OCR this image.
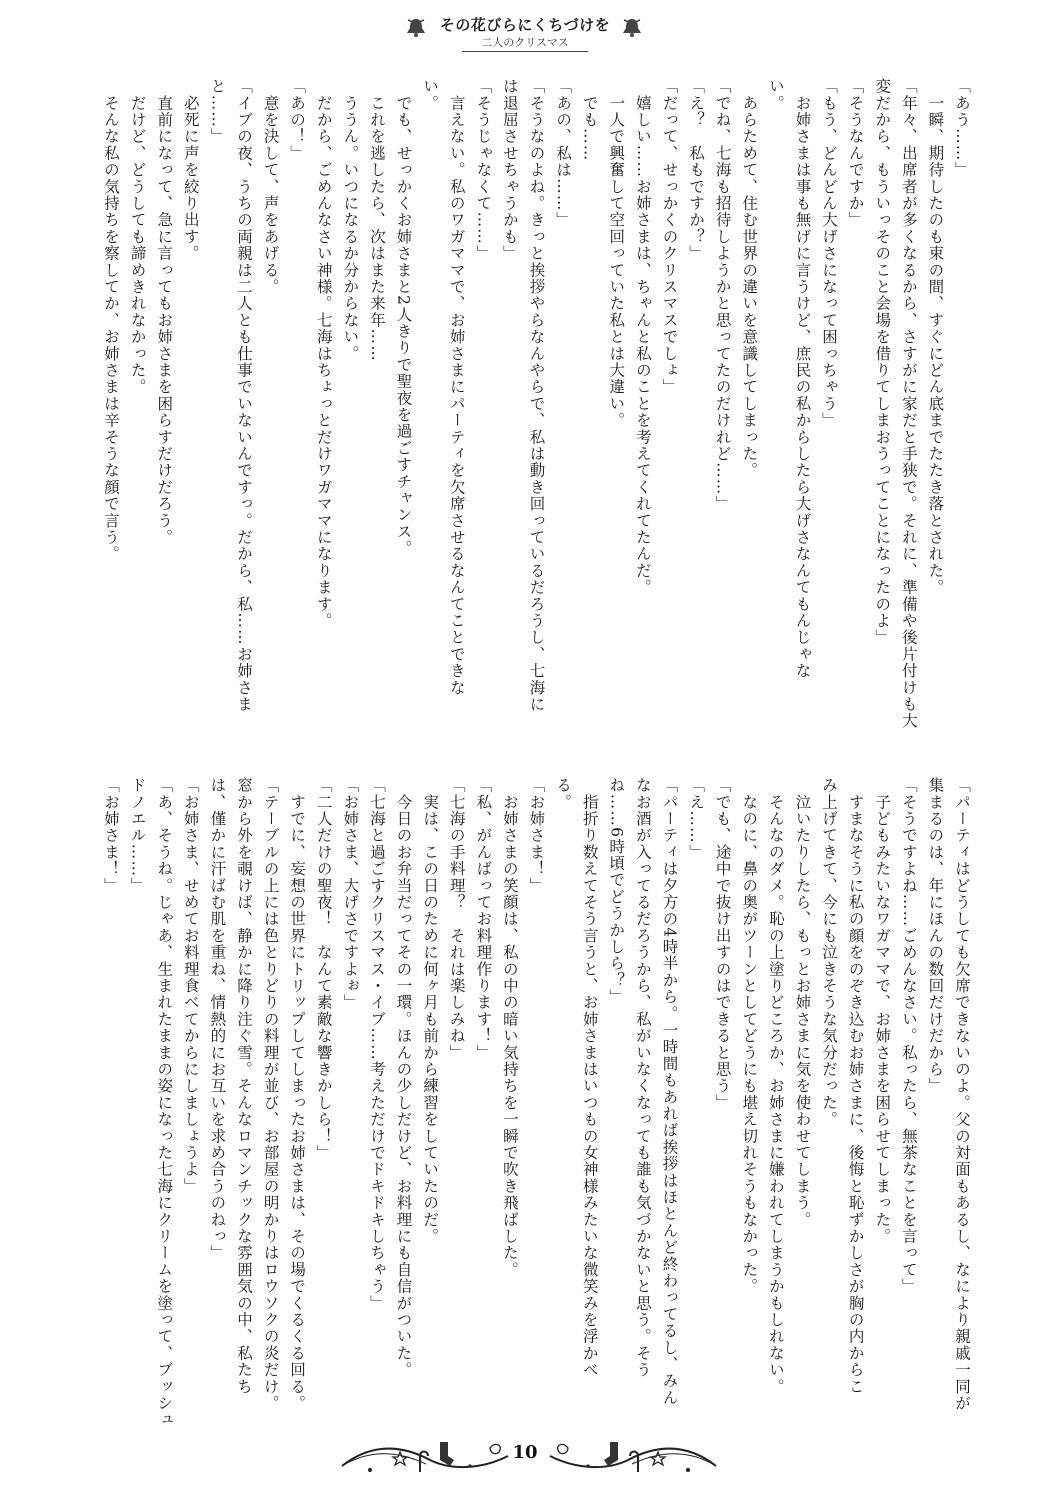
その花びらにくちづけを
二人のクリスマス

「あう……」

　一瞬、期待したのも束の間、すぐにどん底までたたき落とされた。

「年々、出席者が多くなるから、さすがに家だと手狭で。それに、準備や後片付けも大

変だから、もういっそのこと会場を借りてしまおうってことになったのよ」

「そうなんですか」

「もう、どんどん大げさになって困っちゃう」

　お姉さまは事も無げに言うけど、庶民の私からしたら大げさなんてもんじゃな

い。

　あらためて、住む世界の違いを意識してしまった。

「でね、七海も招待しようかと思ってたのだけれど……」

「え？　私もですか？」

「だって、せっかくのクリスマスでしょ」

　嬉しい……お姉さまは、ちゃんと私のことを考えてくれてたんだ。

　一人で興奮して空回っていた私とは大違い。

　でも……

「あの、私は……」

「そうなのよね。きっと挨拶やらなんやらで、私は動き回っているだろうし、七海に

は退屈させちゃうかも」

「そうじゃなくて……」

　言えない。私のワガママで、お姉さまにパーティを欠席させるなんてことできな

い。

　でも、せっかくお姉さまと2人きりで聖夜を過ごすチャンス。

　これを逃したら、次はまた来年……

　ううん。いつになるか分からない。

　だから、ごめんなさい神様。七海はちょっとだけワガママになります。

「あの！」

　意を決して、声をあげる。

「イブの夜、うちの両親は二人とも仕事でいないんですっ。だから、私……お姉さま

と……」

　必死に声を絞り出す。

　直前になって、急に言ってもお姉さまを困らすだけだろう。

　だけど、どうしても諦めきれなかった。

　そんな私の気持ちを察してか、お姉さまは辛そうな顔で言う。

「パーティはどうしても欠席できないのよ。父の対面もあるし、なにより親戚一同が

集まるのは、年にほんの数回だけだから」

「そうですよね……ごめんなさい。私ったら、無茶なことを言って」

　子どもみたいなワガママで、お姉さまを困らせてしまった。

　すまなそうに私の顔をのぞき込むお姉さまに、後悔と恥ずかしさが胸の内からこ

み上げてきて、今にも泣きそうな気分だった。

　泣いたりしたら、もっとお姉さまに気を使わせてしまう。

　そんなのダメ。恥の上塗りどころか、お姉さまに嫌われてしまうかもしれない。

　なのに、鼻の奥がツーンとしてどうにも堪え切れそうもなかった。

「でも、途中で抜け出すのはできると思う」

「え……」

「パーティは夕方の4時半から。一時間もあれば挨拶はほとんど終わってるし、みん

なお酒が入ってるだろうから、私がいなくなっても誰も気づかないと思う。そう

ね……6時頃でどうかしら？」

　指折り数えてそう言うと、お姉さまはいつもの女神様みたいな微笑みを浮かべ

る。

「お姉さま！」

　お姉さまの笑顔は、私の中の暗い気持ちを一瞬で吹き飛ばした。

「私、がんばってお料理作ります！」

「七海の手料理？　それは楽しみね」

　実は、この日のために何ヶ月も前から練習をしていたのだ。

　今日のお弁当だってその一環。ほんの少しだけど、お料理にも自信がついた。

「七海と過ごすクリスマス・イブ……考えただけでドキドキしちゃう」

「お姉さま、大げさですよぉ」

「二人だけの聖夜！　なんて素敵な響きかしら！」

　すでに、妄想の世界にトリップしてしまったお姉さまは、その場でくるくる回る。

「テーブルの上には色とりどりの料理が並び、お部屋の明かりはロウソクの炎だけ。

窓から外を覗けば、静かに降り注ぐ雪。そんなロマンチックな雰囲気の中、私たち

は、僅かに汗ばむ肌を重ね、情熱的にお互いを求め合うのねっ」

「お姉さま、せめてお料理食べてからにしましょうよ」

「あ、そうね。じゃあ、生まれたままの姿になった七海にクリームを塗って、ブッシュ

ドノエル……」

「お姉さま！」

10
